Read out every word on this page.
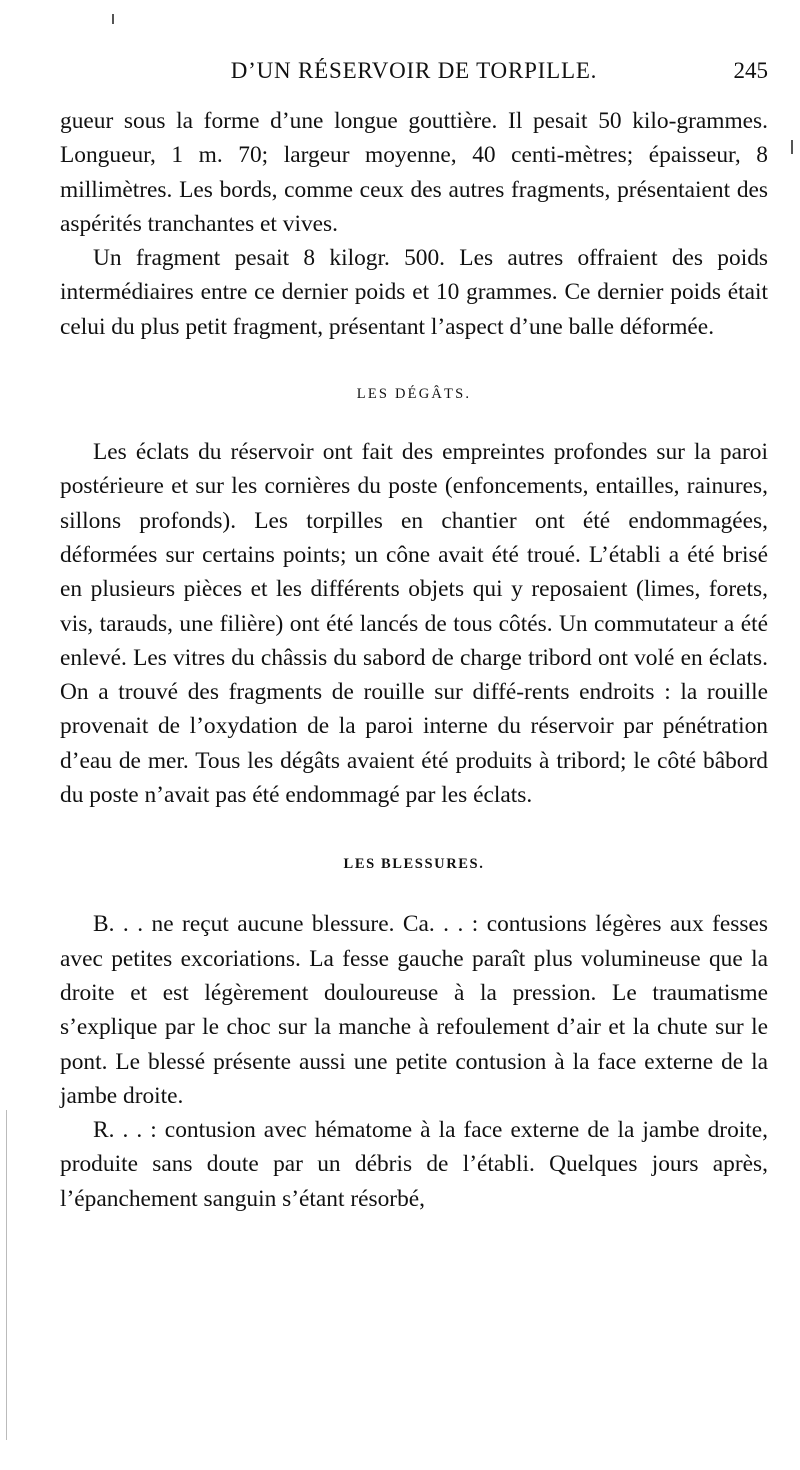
D’UN RÉSERVOIR DE TORPILLE.	245

gueur sous la forme d’une longue gouttière. Il pesait 50 kilo-grammes. Longueur, 1 m. 70; largeur moyenne, 40 centi-mètres; épaisseur, 8 millimètres. Les bords, comme ceux des autres fragments, présentaient des aspérités tranchantes et vives.

Un fragment pesait 8 kilogr. 500. Les autres offraient des poids intermédiaires entre ce dernier poids et 10 grammes. Ce dernier poids était celui du plus petit fragment, présentant l’aspect d’une balle déformée.

LES DÉGÂTS.

Les éclats du réservoir ont fait des empreintes profondes sur la paroi postérieure et sur les cornières du poste (enfoncements, entailles, rainures, sillons profonds). Les torpilles en chantier ont été endommagées, déformées sur certains points; un cône avait été troué. L’établi a été brisé en plusieurs pièces et les différents objets qui y reposaient (limes, forets, vis, tarauds, une filière) ont été lancés de tous côtés. Un commutateur a été enlevé. Les vitres du châssis du sabord de charge tribord ont volé en éclats. On a trouvé des fragments de rouille sur diffé-rents endroits : la rouille provenait de l’oxydation de la paroi interne du réservoir par pénétration d’eau de mer. Tous les dégâts avaient été produits à tribord; le côté bâbord du poste n’avait pas été endommagé par les éclats.

LES BLESSURES.

B. . . ne reçut aucune blessure. Ca. . . : contusions légères aux fesses avec petites excoriations. La fesse gauche paraît plus volumineuse que la droite et est légèrement douloureuse à la pression. Le traumatisme s’explique par le choc sur la manche à refoulement d’air et la chute sur le pont. Le blessé présente aussi une petite contusion à la face externe de la jambe droite.

R. . . : contusion avec hématome à la face externe de la jambe droite, produite sans doute par un débris de l’établi. Quelques jours après, l’épanchement sanguin s’étant résorbé,
